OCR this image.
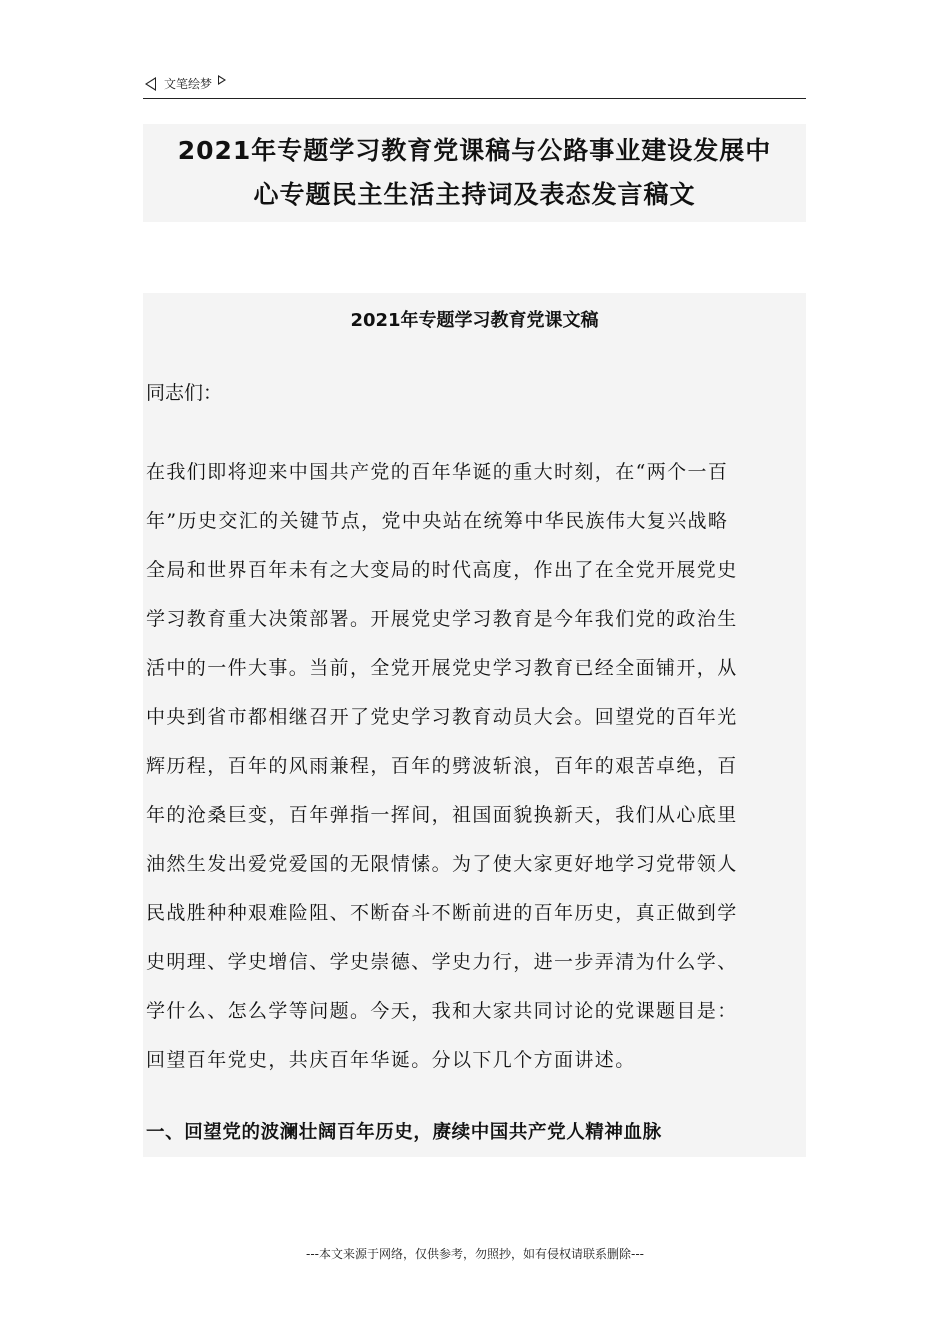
文笔绘梦
2021年专题学习教育党课稿与公路事业建设发展中
心专题民主生活主持词及表态发言稿文
2021年专题学习教育党课文稿
同志们：
在我们即将迎来中国共产党的百年华诞的重大时刻，在“两个一百
年”历史交汇的关键节点，党中央站在统筹中华民族伟大复兴战略
全局和世界百年未有之大变局的时代高度，作出了在全党开展党史
学习教育重大决策部署。开展党史学习教育是今年我们党的政治生
活中的一件大事。当前，全党开展党史学习教育已经全面铺开，从
中央到省市都相继召开了党史学习教育动员大会。回望党的百年光
辉历程，百年的风雨兼程，百年的劈波斩浪，百年的艰苦卓绝，百
年的沧桑巨变，百年弹指一挥间，祖国面貌换新天，我们从心底里
油然生发出爱党爱国的无限情愫。为了使大家更好地学习党带领人
民战胜种种艰难险阻、不断奋斗不断前进的百年历史，真正做到学
史明理、学史增信、学史崇德、学史力行，进一步弄清为什么学、
学什么、怎么学等问题。今天，我和大家共同讨论的党课题目是：
回望百年党史，共庆百年华诞。分以下几个方面讲述。
一、回望党的波澜壮阔百年历史，赓续中国共产党人精神血脉
---本文来源于网络，仅供参考，勿照抄，如有侵权请联系删除---
